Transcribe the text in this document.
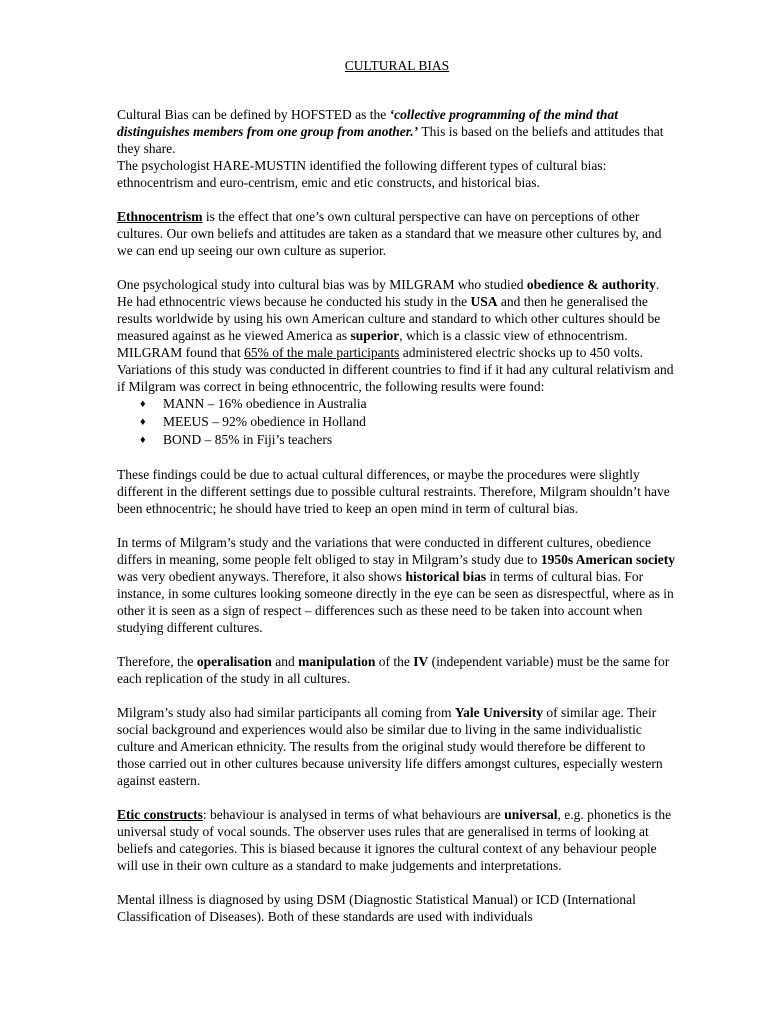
CULTURAL BIAS

Cultural Bias can be defined by HOFSTED as the ‘collective programming of the mind that distinguishes members from one group from another.’ This is based on the beliefs and attitudes that they share.

The psychologist HARE-MUSTIN identified the following different types of cultural bias: ethnocentrism and euro-centrism, emic and etic constructs, and historical bias.

Ethnocentrism is the effect that one’s own cultural perspective can have on perceptions of other cultures. Our own beliefs and attitudes are taken as a standard that we measure other cultures by, and we can end up seeing our own culture as superior.

One psychological study into cultural bias was by MILGRAM who studied obedience & authority. He had ethnocentric views because he conducted his study in the USA and then he generalised the results worldwide by using his own American culture and standard to which other cultures should be measured against as he viewed America as superior, which is a classic view of ethnocentrism.

MILGRAM found that 65% of the male participants administered electric shocks up to 450 volts. Variations of this study was conducted in different countries to find if it had any cultural relativism and if Milgram was correct in being ethnocentric, the following results were found:

♦ MANN – 16% obedience in Australia
♦ MEEUS – 92% obedience in Holland
♦ BOND – 85% in Fiji’s teachers

These findings could be due to actual cultural differences, or maybe the procedures were slightly different in the different settings due to possible cultural restraints. Therefore, Milgram shouldn’t have been ethnocentric; he should have tried to keep an open mind in term of cultural bias.

In terms of Milgram’s study and the variations that were conducted in different cultures, obedience differs in meaning, some people felt obliged to stay in Milgram’s study due to 1950s American society was very obedient anyways. Therefore, it also shows historical bias in terms of cultural bias. For instance, in some cultures looking someone directly in the eye can be seen as disrespectful, where as in other it is seen as a sign of respect – differences such as these need to be taken into account when studying different cultures.

Therefore, the operalisation and manipulation of the IV (independent variable) must be the same for each replication of the study in all cultures.

Milgram’s study also had similar participants all coming from Yale University of similar age. Their social background and experiences would also be similar due to living in the same individualistic culture and American ethnicity. The results from the original study would therefore be different to those carried out in other cultures because university life differs amongst cultures, especially western against eastern.

Etic constructs: behaviour is analysed in terms of what behaviours are universal, e.g. phonetics is the universal study of vocal sounds. The observer uses rules that are generalised in terms of looking at beliefs and categories. This is biased because it ignores the cultural context of any behaviour people will use in their own culture as a standard to make judgements and interpretations.

Mental illness is diagnosed by using DSM (Diagnostic Statistical Manual) or ICD (International Classification of Diseases). Both of these standards are used with individuals
